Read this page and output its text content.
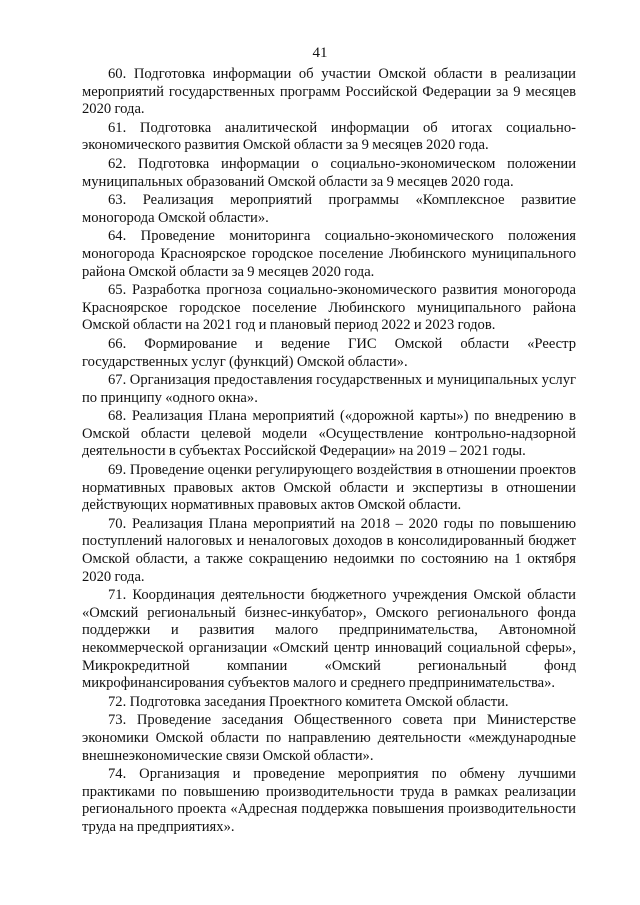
41

60. Подготовка информации об участии Омской области в реализации мероприятий государственных программ Российской Федерации за 9 месяцев 2020 года.

61. Подготовка аналитической информации об итогах социально-экономического развития Омской области за 9 месяцев 2020 года.

62. Подготовка информации о социально-экономическом положении муниципальных образований Омской области за 9 месяцев 2020 года.

63. Реализация мероприятий программы «Комплексное развитие моногорода Омской области».

64. Проведение мониторинга социально-экономического положения моногорода Красноярское городское поселение Любинского муниципального района Омской области за 9 месяцев 2020 года.

65. Разработка прогноза социально-экономического развития моногорода Красноярское городское поселение Любинского муниципального района Омской области на 2021 год и плановый период 2022 и 2023 годов.

66. Формирование и ведение ГИС Омской области «Реестр государственных услуг (функций) Омской области».

67. Организация предоставления государственных и муниципальных услуг по принципу «одного окна».

68. Реализация Плана мероприятий («дорожной карты») по внедрению в Омской области целевой модели «Осуществление контрольно-надзорной деятельности в субъектах Российской Федерации» на 2019 – 2021 годы.

69. Проведение оценки регулирующего воздействия в отношении проектов нормативных правовых актов Омской области и экспертизы в отношении действующих нормативных правовых актов Омской области.

70. Реализация Плана мероприятий на 2018 – 2020 годы по повышению поступлений налоговых и неналоговых доходов в консолидированный бюджет Омской области, а также сокращению недоимки по состоянию на 1 октября 2020 года.

71. Координация деятельности бюджетного учреждения Омской области «Омский региональный бизнес-инкубатор», Омского регионального фонда поддержки и развития малого предпринимательства, Автономной некоммерческой организации «Омский центр инноваций социальной сферы», Микрокредитной компании «Омский региональный фонд микрофинансирования субъектов малого и среднего предпринимательства».

72. Подготовка заседания Проектного комитета Омской области.

73. Проведение заседания Общественного совета при Министерстве экономики Омской области по направлению деятельности «международные внешнеэкономические связи Омской области».

74. Организация и проведение мероприятия по обмену лучшими практиками по повышению производительности труда в рамках реализации регионального проекта «Адресная поддержка повышения производительности труда на предприятиях».
